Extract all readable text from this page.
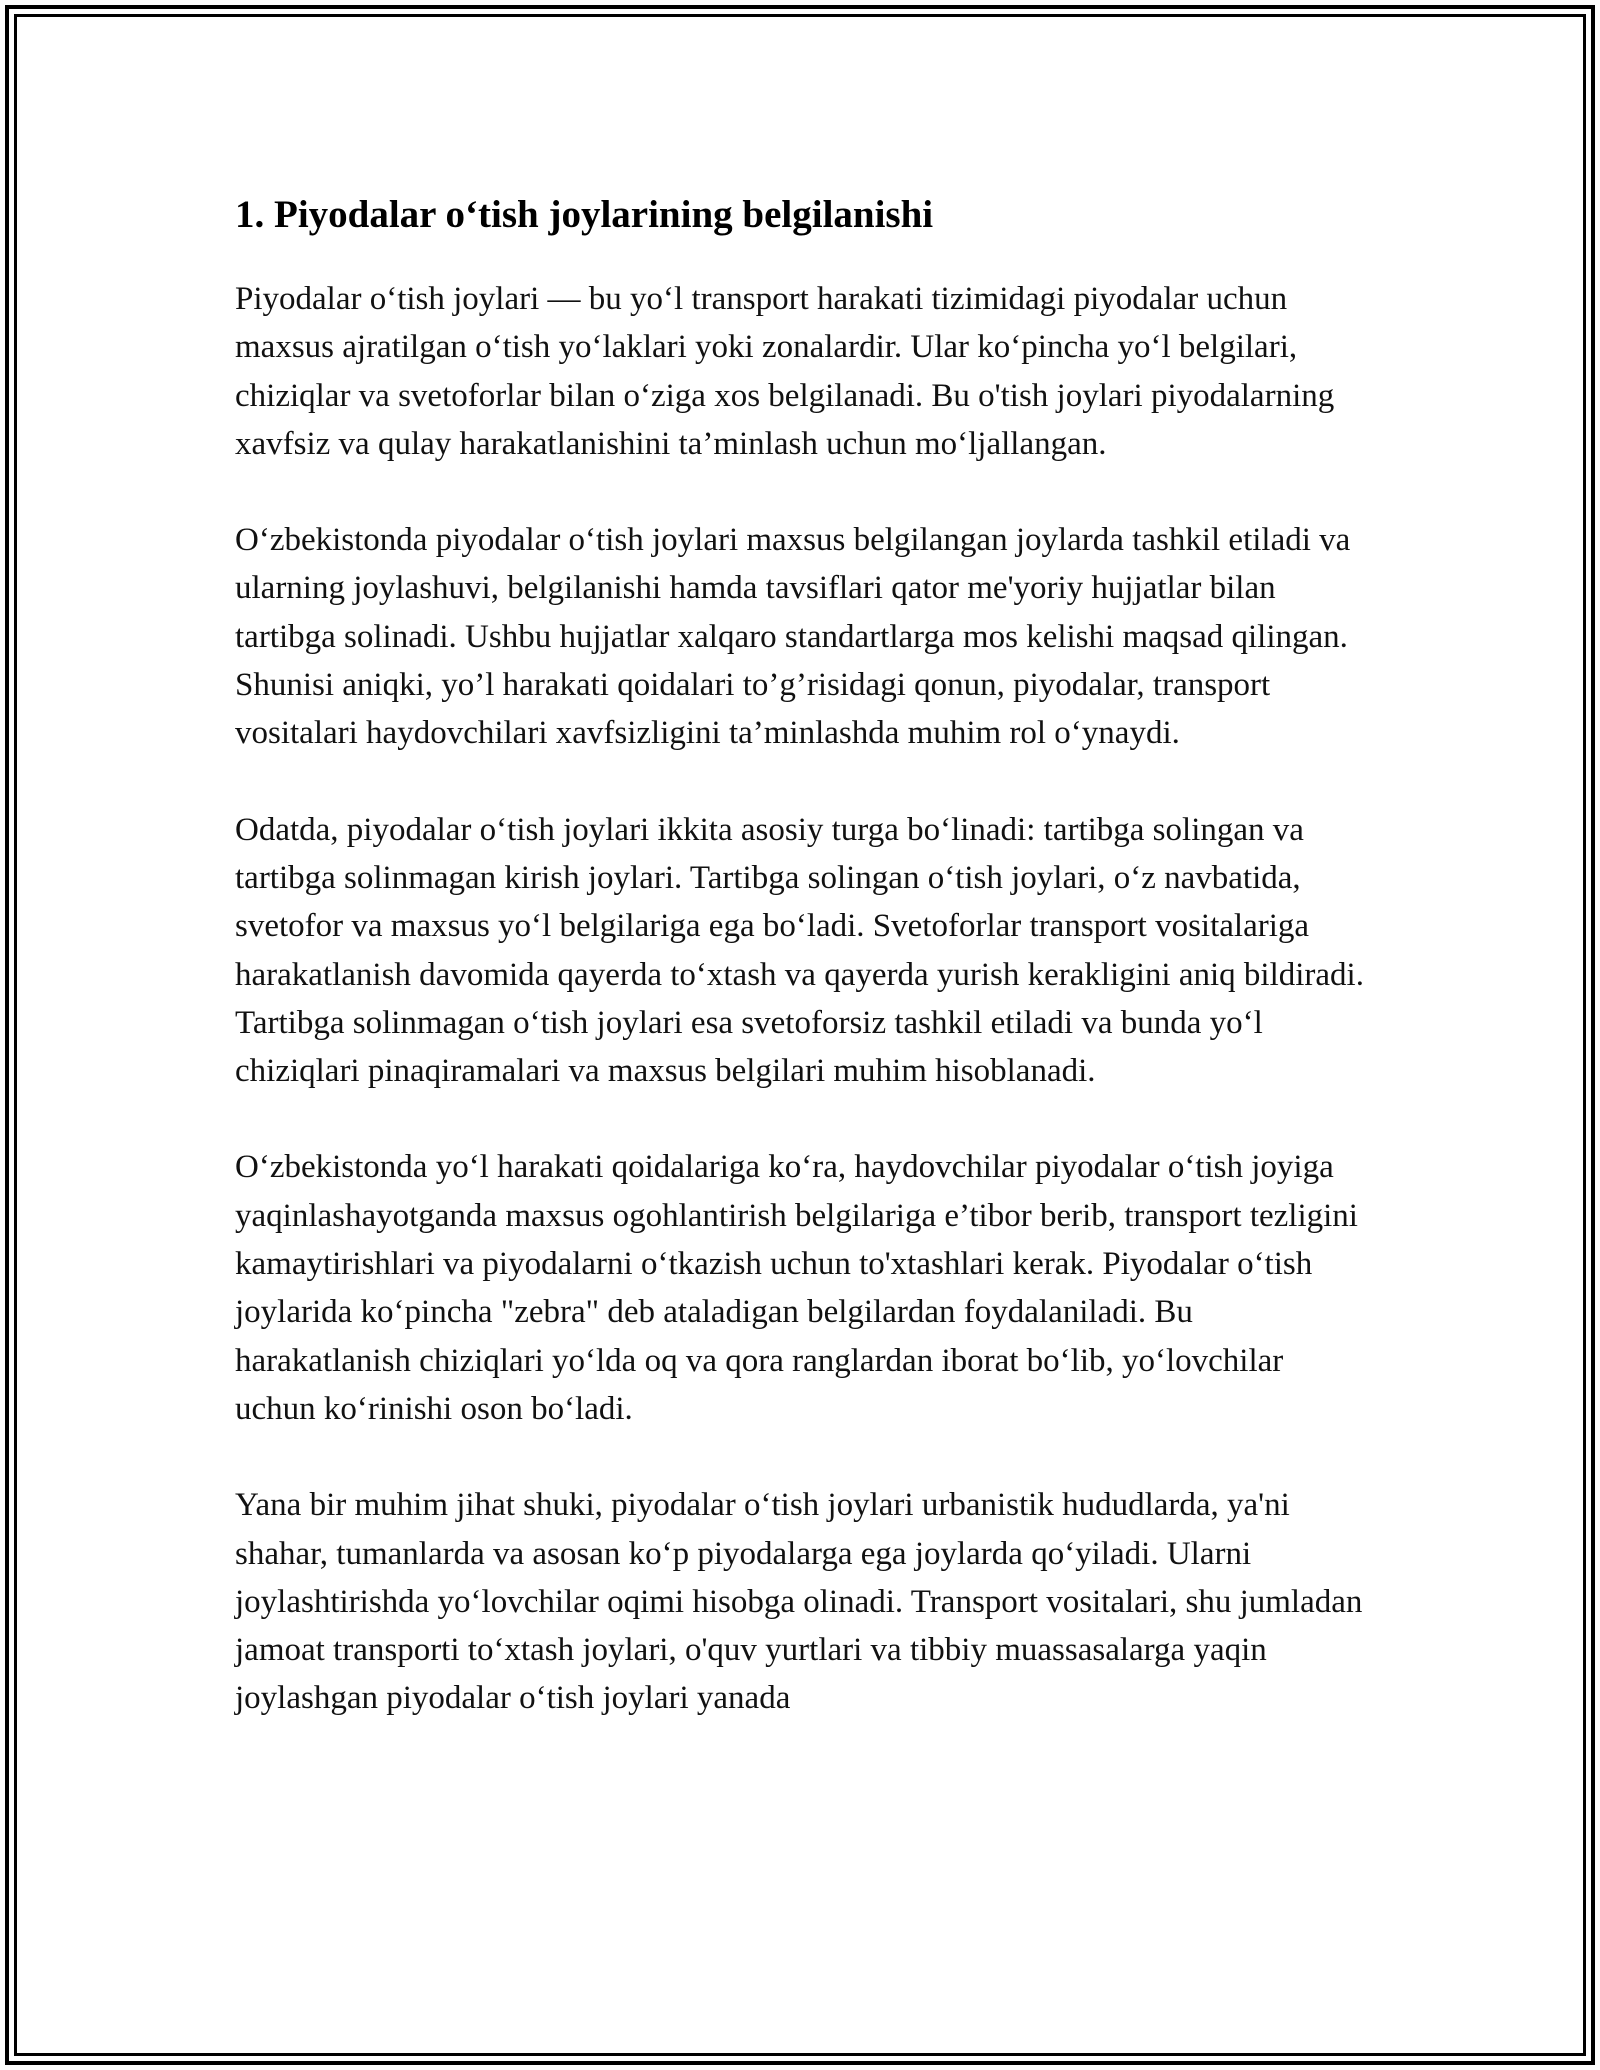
1. Piyodalar o‘tish joylarining belgilanishi

Piyodalar o‘tish joylari — bu yo‘l transport harakati tizimidagi piyodalar uchun maxsus ajratilgan o‘tish yo‘laklari yoki zonalardir. Ular ko‘pincha yo‘l belgilari, chiziqlar va svetoforlar bilan o‘ziga xos belgilanadi. Bu o'tish joylari piyodalarning xavfsiz va qulay harakatlanishini ta’minlash uchun mo‘ljallangan.

O‘zbekistonda piyodalar o‘tish joylari maxsus belgilangan joylarda tashkil etiladi va ularning joylashuvi, belgilanishi hamda tavsiflari qator me'yoriy hujjatlar bilan tartibga solinadi. Ushbu hujjatlar xalqaro standartlarga mos kelishi maqsad qilingan. Shunisi aniqki, yo’l harakati qoidalari to’g’risidagi qonun, piyodalar, transport vositalari haydovchilari xavfsizligini ta’minlashda muhim rol o‘ynaydi.

Odatda, piyodalar o‘tish joylari ikkita asosiy turga bo‘linadi: tartibga solingan va tartibga solinmagan kirish joylari. Tartibga solingan o‘tish joylari, o‘z navbatida, svetofor va maxsus yo‘l belgilariga ega bo‘ladi. Svetoforlar transport vositalariga harakatlanish davomida qayerda to‘xtash va qayerda yurish kerakligini aniq bildiradi. Tartibga solinmagan o‘tish joylari esa svetoforsiz tashkil etiladi va bunda yo‘l chiziqlari pinaqiramalari va maxsus belgilari muhim hisoblanadi.

O‘zbekistonda yo‘l harakati qoidalariga ko‘ra, haydovchilar piyodalar o‘tish joyiga yaqinlashayotganda maxsus ogohlantirish belgilariga e’tibor berib, transport tezligini kamaytirishlari va piyodalarni o‘tkazish uchun to'xtashlari kerak. Piyodalar o‘tish joylarida ko‘pincha "zebra" deb ataladigan belgilardan foydalaniladi. Bu harakatlanish chiziqlari yo‘lda oq va qora ranglardan iborat bo‘lib, yo‘lovchilar uchun ko‘rinishi oson bo‘ladi.

Yana bir muhim jihat shuki, piyodalar o‘tish joylari urbanistik hududlarda, ya'ni shahar, tumanlarda va asosan ko‘p piyodalarga ega joylarda qo‘yiladi. Ularni joylashtirishda yo‘lovchilar oqimi hisobga olinadi. Transport vositalari, shu jumladan jamoat transporti to‘xtash joylari, o'quv yurtlari va tibbiy muassasalarga yaqin joylashgan piyodalar o‘tish joylari yanada
